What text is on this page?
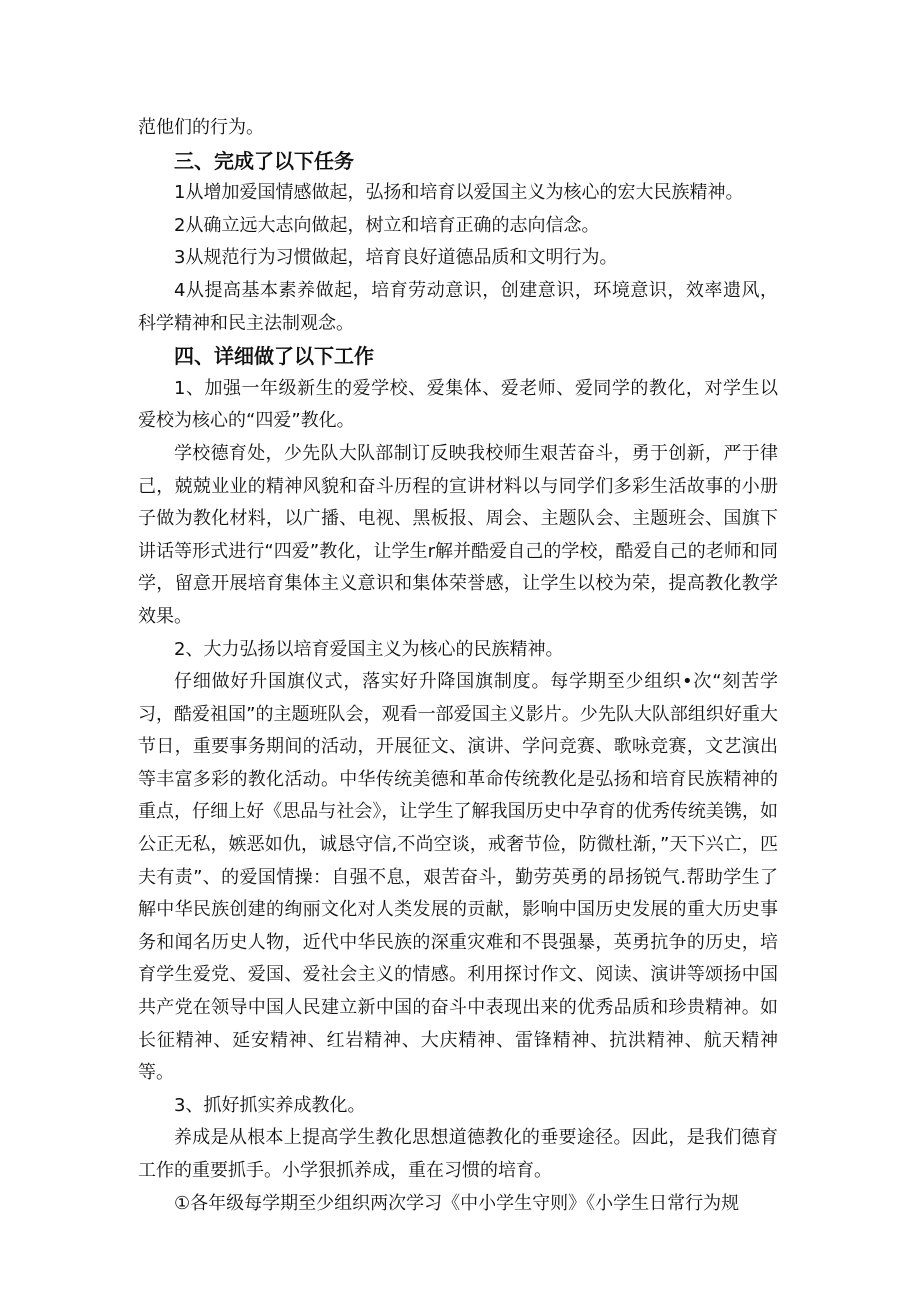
范他们的行为。

三、完成了以下任务

1从增加爱国情感做起，弘扬和培育以爱国主义为核心的宏大民族精神。

2从确立远大志向做起，树立和培育正确的志向信念。

3从规范行为习惯做起，培育良好道德品质和文明行为。

4从提高基本素养做起，培育劳动意识，创建意识，环境意识，效率遗风，科学精神和民主法制观念。

四、详细做了以下工作

1、加强一年级新生的爱学校、爱集体、爱老师、爱同学的教化，对学生以爱校为核心的“四爱”教化。

学校德育处，少先队大队部制订反映我校师生艰苦奋斗，勇于创新，严于律己，兢兢业业的精神风貌和奋斗历程的宣讲材料以与同学们多彩生活故事的小册子做为教化材料，以广播、电视、黑板报、周会、主题队会、主题班会、国旗下讲话等形式进行“四爱”教化，让学生r解并酷爱自己的学校，酷爱自己的老师和同学，留意开展培育集体主义意识和集体荣誉感，让学生以校为荣，提高教化教学效果。

2、大力弘扬以培育爱国主义为核心的民族精神。

仔细做好升国旗仪式，落实好升降国旗制度。每学期至少组织•次“刻苦学习，酷爱祖国”的主题班队会，观看一部爱国主义影片。少先队大队部组织好重大节日，重要事务期间的活动，开展征文、演讲、学问竞赛、歌咏竞赛，文艺演出等丰富多彩的教化活动。中华传统美德和革命传统教化是弘扬和培育民族精神的重点，仔细上好《思品与社会》，让学生了解我国历史中孕育的优秀传统美镌，如公正无私，嫉恶如仇，诚恳守信,不尚空谈，戒奢节俭，防微杜渐，”天下兴亡，匹夫有责”、的爱国情操：自强不息，艰苦奋斗，勤劳英勇的昂扬锐气.帮助学生了解中华民族创建的绚丽文化对人类发展的贡献，影响中国历史发展的重大历史事务和闻名历史人物，近代中华民族的深重灾难和不畏强暴，英勇抗争的历史，培育学生爱党、爱国、爱社会主义的情感。利用探讨作文、阅读、演讲等颂扬中国共产党在领导中国人民建立新中国的奋斗中表现出来的优秀品质和珍贵精神。如长征精神、延安精神、红岩精神、大庆精神、雷锋精神、抗洪精神、航天精神等。

3、抓好抓实养成教化。

养成是从根本上提高学生教化思想道德教化的垂要途径。因此，是我们德育工作的重要抓手。小学狠抓养成，重在习惯的培育。

①各年级每学期至少组织两次学习《中小学生守则》《小学生日常行为规
